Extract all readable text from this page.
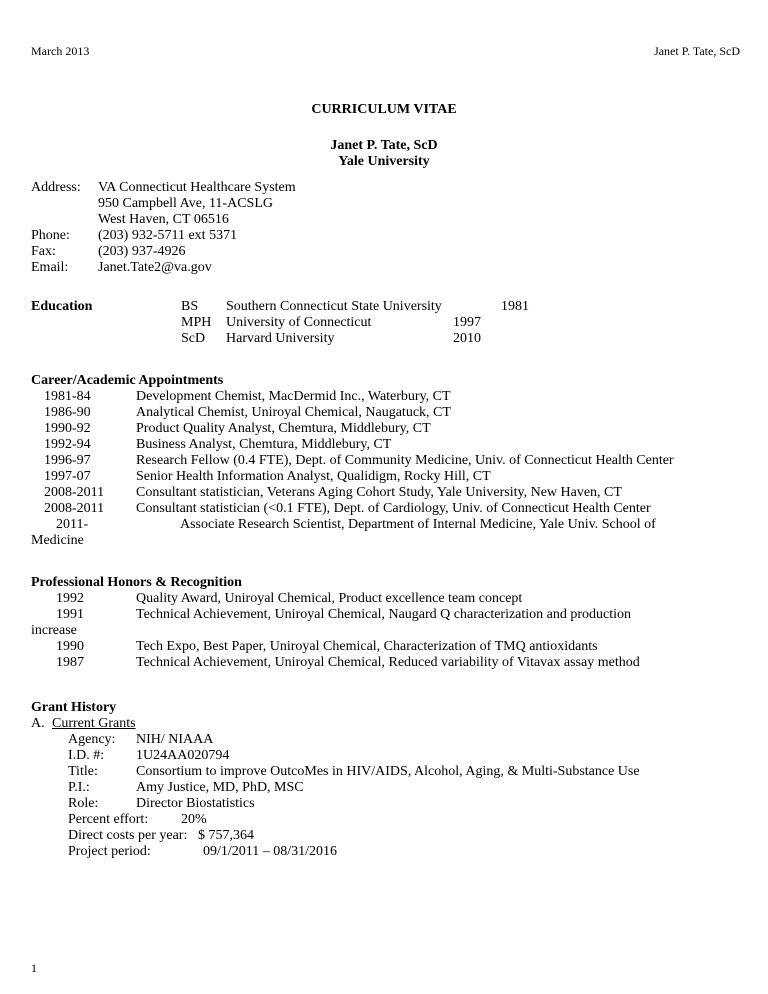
March 2013	Janet P. Tate, ScD
CURRICULUM VITAE
Janet P. Tate, ScD
Yale University
Address: VA Connecticut Healthcare System
950 Campbell Ave, 11-ACSLG
West Haven, CT 06516
Phone: (203) 932-5711 ext 5371
Fax:	(203) 937-4926
Email: Janet.Tate2@va.gov
Education	BS Southern Connecticut State University	1981
MPH University of Connecticut	1997
ScD Harvard University	2010
Career/Academic Appointments
1981-84	Development Chemist, MacDermid Inc., Waterbury, CT
1986-90	Analytical Chemist, Uniroyal Chemical, Naugatuck, CT
1990-92	Product Quality Analyst, Chemtura, Middlebury, CT
1992-94	Business Analyst, Chemtura, Middlebury, CT
1996-97	Research Fellow (0.4 FTE), Dept. of Community Medicine, Univ. of Connecticut Health Center
1997-07	Senior Health Information Analyst, Qualidigm, Rocky Hill, CT
2008-2011 Consultant statistician, Veterans Aging Cohort Study, Yale University, New Haven, CT
2008-2011 Consultant statistician (<0.1 FTE), Dept. of Cardiology, Univ. of Connecticut Health Center
2011-	Associate Research Scientist, Department of Internal Medicine, Yale Univ. School of
Medicine
Professional Honors & Recognition
1992	Quality Award, Uniroyal Chemical, Product excellence team concept
1991	Technical Achievement, Uniroyal Chemical, Naugard Q characterization and production
increase
1990	Tech Expo, Best Paper, Uniroyal Chemical, Characterization of TMQ antioxidants
1987	Technical Achievement, Uniroyal Chemical, Reduced variability of Vitavax assay method
Grant History
A. Current Grants
Agency: NIH/ NIAAA
I.D. #: 1U24AA020794
Title:	Consortium to improve OutcoMes in HIV/AIDS, Alcohol, Aging, & Multi-Substance Use
P.I.:	Amy Justice, MD, PhD, MSC
Role:	Director Biostatistics
Percent effort: 20%
Direct costs per year: $ 757,364
Project period:	09/1/2011 – 08/31/2016
1
